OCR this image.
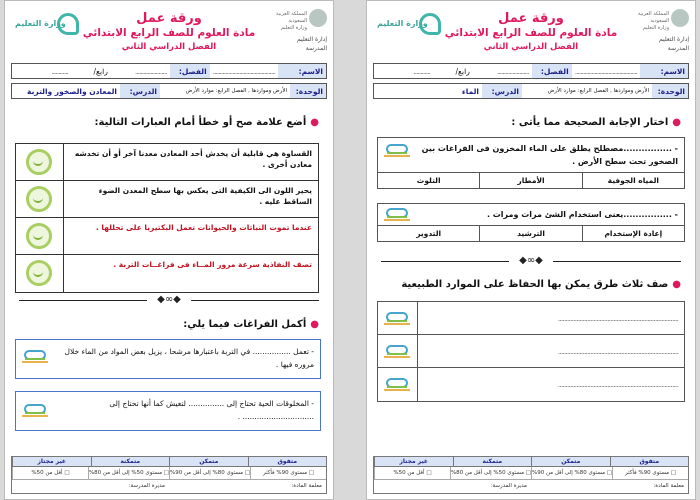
المملكة العربية السعودية
وزارة التعليم
إدارة التعليم
المدرسة
ورقة عمل
مادة العلوم للصف الرابع الابتدائي
الفصل الدراسي الثاني
وزارة التعليم
الاسم:
.............................................
الفصل:
.......................
رابع/
............
الوحدة:
الأرض ومواردها , الفصل الرابع: موارد الأرض
الدرس:
المعادن والصخور والتربة
●أضع علامة صح أو خطأ أمام العبارات التالية:
القساوة هي قابلية أن يخدش أحد المعادن معدنا آخر أو أن تخدشه معادن أخرى .
يحير اللون الى الكيفية التى يعكس بها سطح المعدن الضوء الساقط عليه .
عندما تموت النباتات والحيوانات تعمل البكتيريا على تحللها .
تصف النفاذية سرعة مرور المــاء فى فراغــات التربة .
◆∞◆
●أكمل الفراغات فيما يلي:
- تعمل ................ في التربة باعتبارها مرشحا ، يزيل بعض المواد من الماء خلال مروره فيها .
- المخلوقات الحية تحتاج إلى ............... لتعيش كما أنها تحتاج إلى .............................. .
متفوق
متمكن
متمكنة
غير مجتاز
□ مستوى 90% فأكثر
□ مستوى 80% إلى أقل من 90%
□ مستوى 50% إلى أقل من 80%
□ أقل من 50%
معلمة المادة:
مديرة المدرسة:
المملكة العربية السعودية
وزارة التعليم
إدارة التعليم
المدرسة
ورقة عمل
مادة العلوم للصف الرابع الابتدائي
الفصل الدراسي الثاني
وزارة التعليم
الاسم:
.............................................
الفصل:
.......................
رابع/
............
الوحدة:
الأرض ومواردها , الفصل الرابع: موارد الأرض
الدرس:
الماء
●اختار الإجابة الصحيحة مما يأتى :
- ................مصطلح يطلق على الماء المخزون فى الفراغات بين الصخور تحت سطح الأرض .
المياه الجوفية
الأمطار
التلوث
- ................يعنى استخدام الشئ مرات ومرات .
إعادة الإستخدام
الترشيد
التدوير
◆∞◆
●صف ثلاث طرق يمكن بها الحفاظ على الموارد الطبيعية
..............................................................................
..............................................................................
..............................................................................
متفوق
متمكن
متمكنة
غير مجتاز
□ مستوى 90% فأكثر
□ مستوى 80% إلى أقل من 90%
□ مستوى 50% إلى أقل من 80%
□ أقل من 50%
معلمة المادة:
مديرة المدرسة:
